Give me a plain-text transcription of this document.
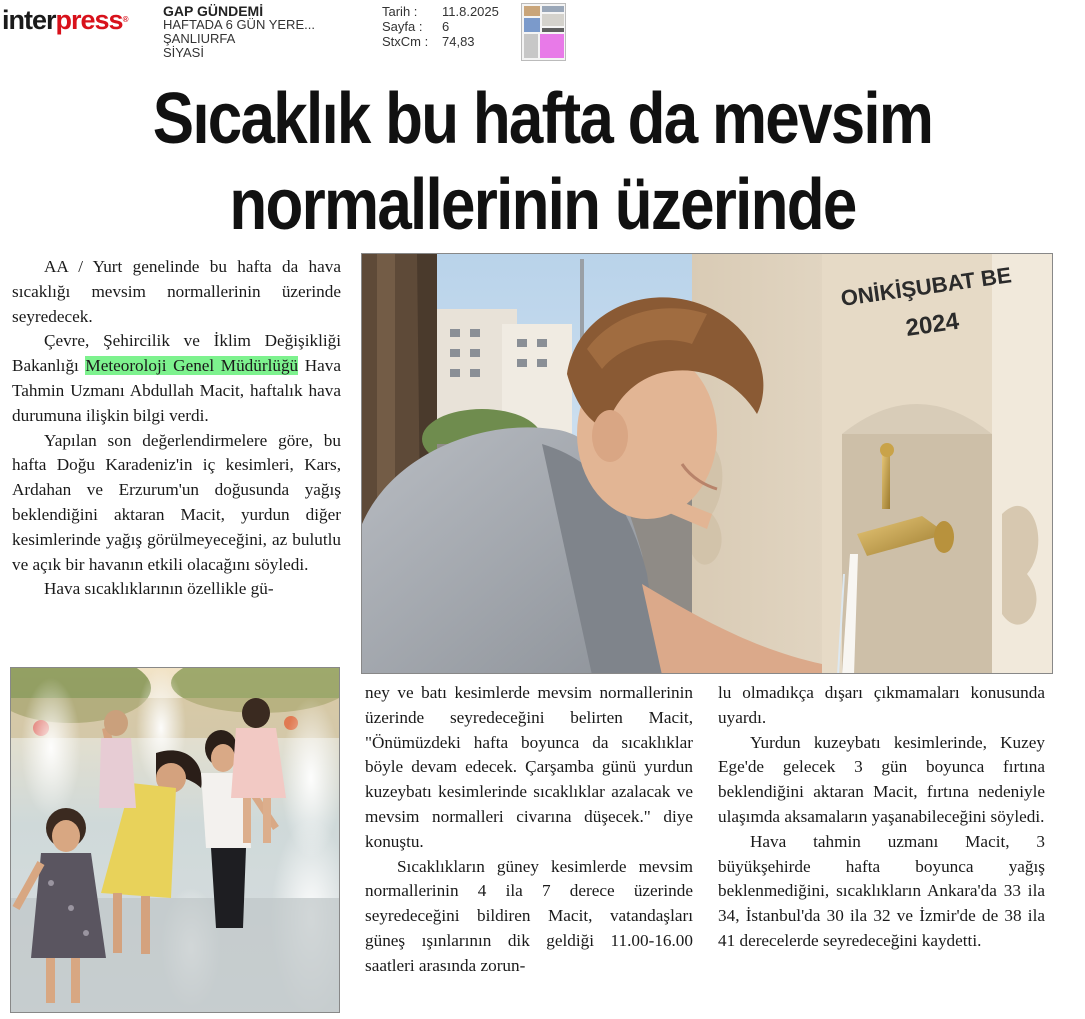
interpress®
GAP GÜNDEMİ
HAFTADA 6 GÜN YERE...
ŞANLIURFA
SİYASİ
Tarih :	11.8.2025
Sayfa :	6
StxCm :	74,83
Sıcaklık bu hafta da mevsim
normallerinin üzerinde

AA / Yurt genelinde bu hafta da hava sıcaklığı mevsim normallerinin üzerinde seyredecek.

Çevre, Şehircilik ve İklim Değişikliği Bakanlığı Meteoroloji Genel Müdürlüğü Hava Tahmin Uzmanı Abdullah Macit, haftalık hava durumuna ilişkin bilgi verdi.

Yapılan son değerlendirmelere göre, bu hafta Doğu Karadeniz'in iç kesimleri, Kars, Ardahan ve Erzurum'un doğusunda yağış beklendiğini aktaran Macit, yurdun diğer kesimlerinde yağış görülmeyeceğini, az bulutlu ve açık bir havanın etkili olacağını söyledi.

Hava sıcaklıklarının özellikle gü-

ONİKİŞUBAT BE
2024

ney ve batı kesimlerde mevsim normallerinin üzerinde seyredeceğini belirten Macit, "Önümüzdeki hafta boyunca da sıcaklıklar böyle devam edecek. Çarşamba günü yurdun kuzeybatı kesimlerinde sıcaklıklar azalacak ve mevsim normalleri civarına düşecek." diye konuştu.

Sıcaklıkların güney kesimlerde mevsim normallerinin 4 ila 7 derece üzerinde seyredeceğini bildiren Macit, vatandaşları güneş ışınlarının dik geldiği 11.00-16.00 saatleri arasında zorun-

lu olmadıkça dışarı çıkmamaları konusunda uyardı.

Yurdun kuzeybatı kesimlerinde, Kuzey Ege'de gelecek 3 gün boyunca fırtına beklendiğini aktaran Macit, fırtına nedeniyle ulaşımda aksamaların yaşanabileceğini söyledi.

Hava tahmin uzmanı Macit, 3 büyükşehirde hafta boyunca yağış beklenmediğini, sıcaklıkların Ankara'da 33 ila 34, İstanbul'da 30 ila 32 ve İzmir'de de 38 ila 41 derecelerde seyredeceğini kaydetti.
